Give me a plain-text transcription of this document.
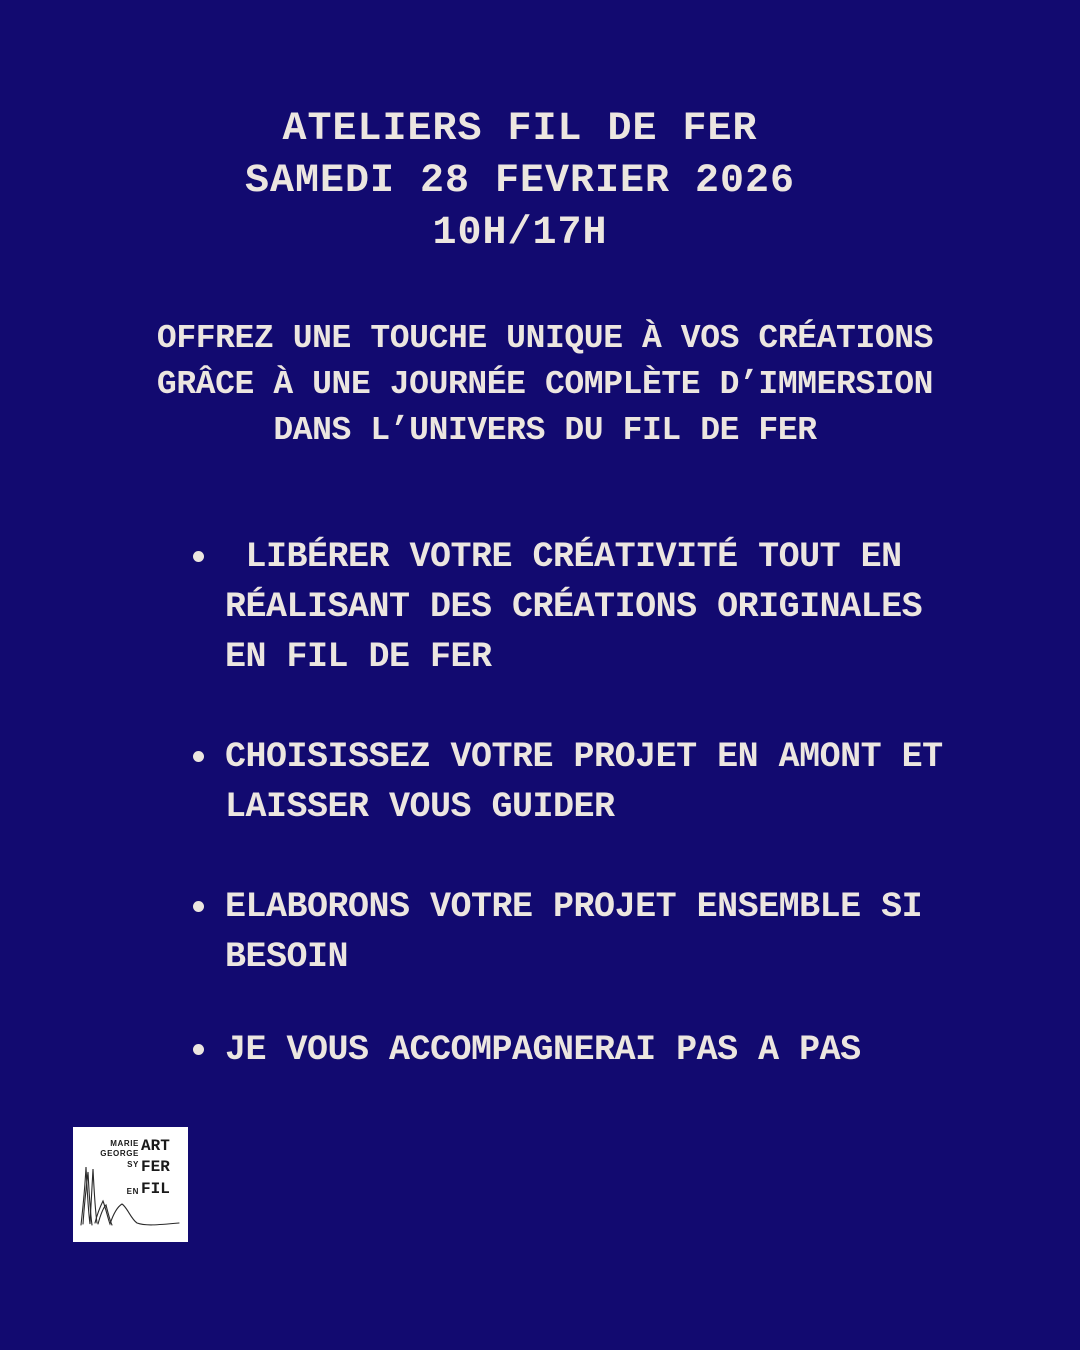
ATELIERS FIL DE FER
SAMEDI 28 FEVRIER 2026
10H/17H
OFFREZ UNE TOUCHE UNIQUE À VOS CRÉATIONS
GRÂCE À UNE JOURNÉE COMPLÈTE D’IMMERSION
DANS L’UNIVERS DU FIL DE FER
LIBÉRER VOTRE CRÉATIVITÉ TOUT EN
RÉALISANT DES CRÉATIONS ORIGINALES
EN FIL DE FER
CHOISISSEZ VOTRE PROJET EN AMONT ET
LAISSER VOUS GUIDER
ELABORONS VOTRE PROJET ENSEMBLE SI
BESOIN
JE VOUS ACCOMPAGNERAI PAS A PAS
MARIE
GEORGE
SY
EN
ART
FER
FIL
